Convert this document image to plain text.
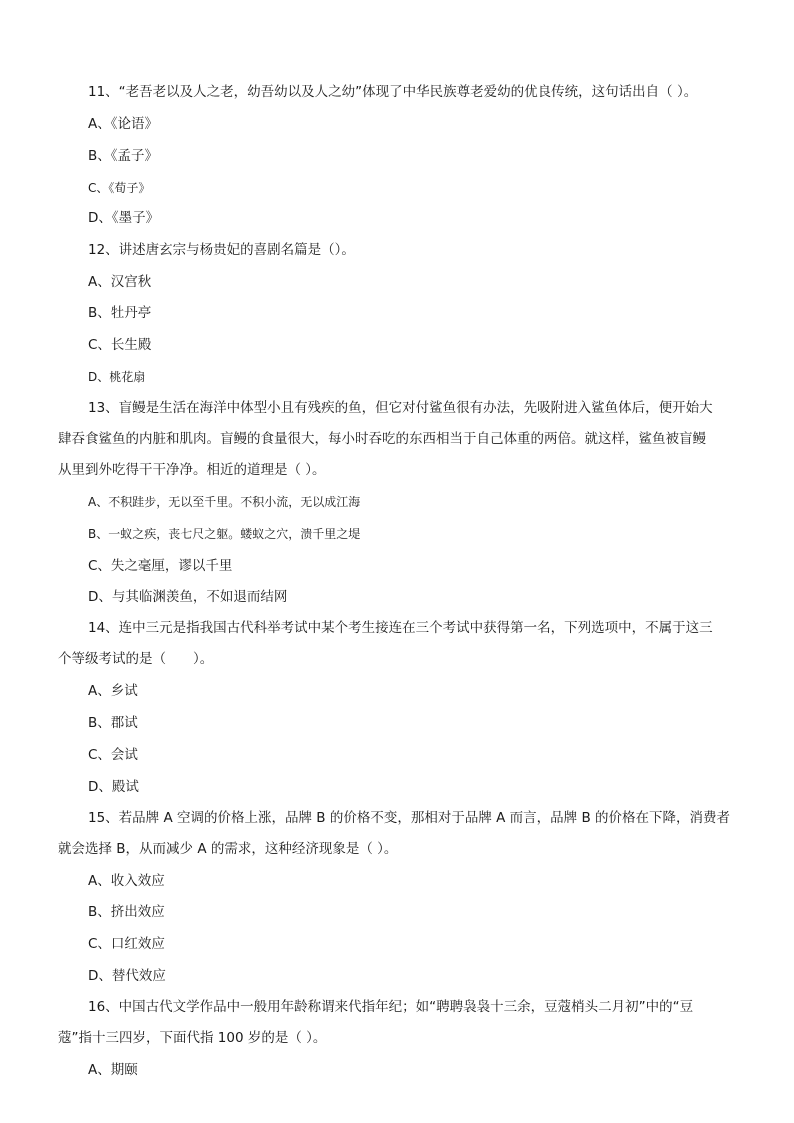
11、“老吾老以及人之老，幼吾幼以及人之幼”体现了中华民族尊老爱幼的优良传统，这句话出自（ ）。
A、《论语》
B、《孟子》
C、《荀子》
D、《墨子》
12、讲述唐玄宗与杨贵妃的喜剧名篇是（）。
A、汉宫秋
B、牡丹亭
C、长生殿
D、桃花扇
13、盲鳗是生活在海洋中体型小且有残疾的鱼，但它对付鲨鱼很有办法，先吸附进入鲨鱼体后，便开始大
肆吞食鲨鱼的内脏和肌肉。盲鳗的食量很大，每小时吞吃的东西相当于自己体重的两倍。就这样，鲨鱼被盲鳗
从里到外吃得干干净净。相近的道理是（ ）。
A、不积跬步，无以至千里。不积小流，无以成江海
B、一蚁之疾，丧七尺之躯。蝼蚁之穴，溃千里之堤
C、失之毫厘，谬以千里
D、与其临渊羡鱼，不如退而结网
14、连中三元是指我国古代科举考试中某个考生接连在三个考试中获得第一名，下列选项中，不属于这三
个等级考试的是（　　）。
A、乡试
B、郡试
C、会试
D、殿试
15、若品牌 A 空调的价格上涨，品牌 B 的价格不变，那相对于品牌 A 而言，品牌 B 的价格在下降，消费者
就会选择 B，从而减少 A 的需求，这种经济现象是（ ）。
A、收入效应
B、挤出效应
C、口红效应
D、替代效应
16、中国古代文学作品中一般用年龄称谓来代指年纪；如“聘聘袅袅十三余，豆蔻梢头二月初”中的“豆
蔻”指十三四岁，下面代指 100 岁的是（ ）。
A、期颐
